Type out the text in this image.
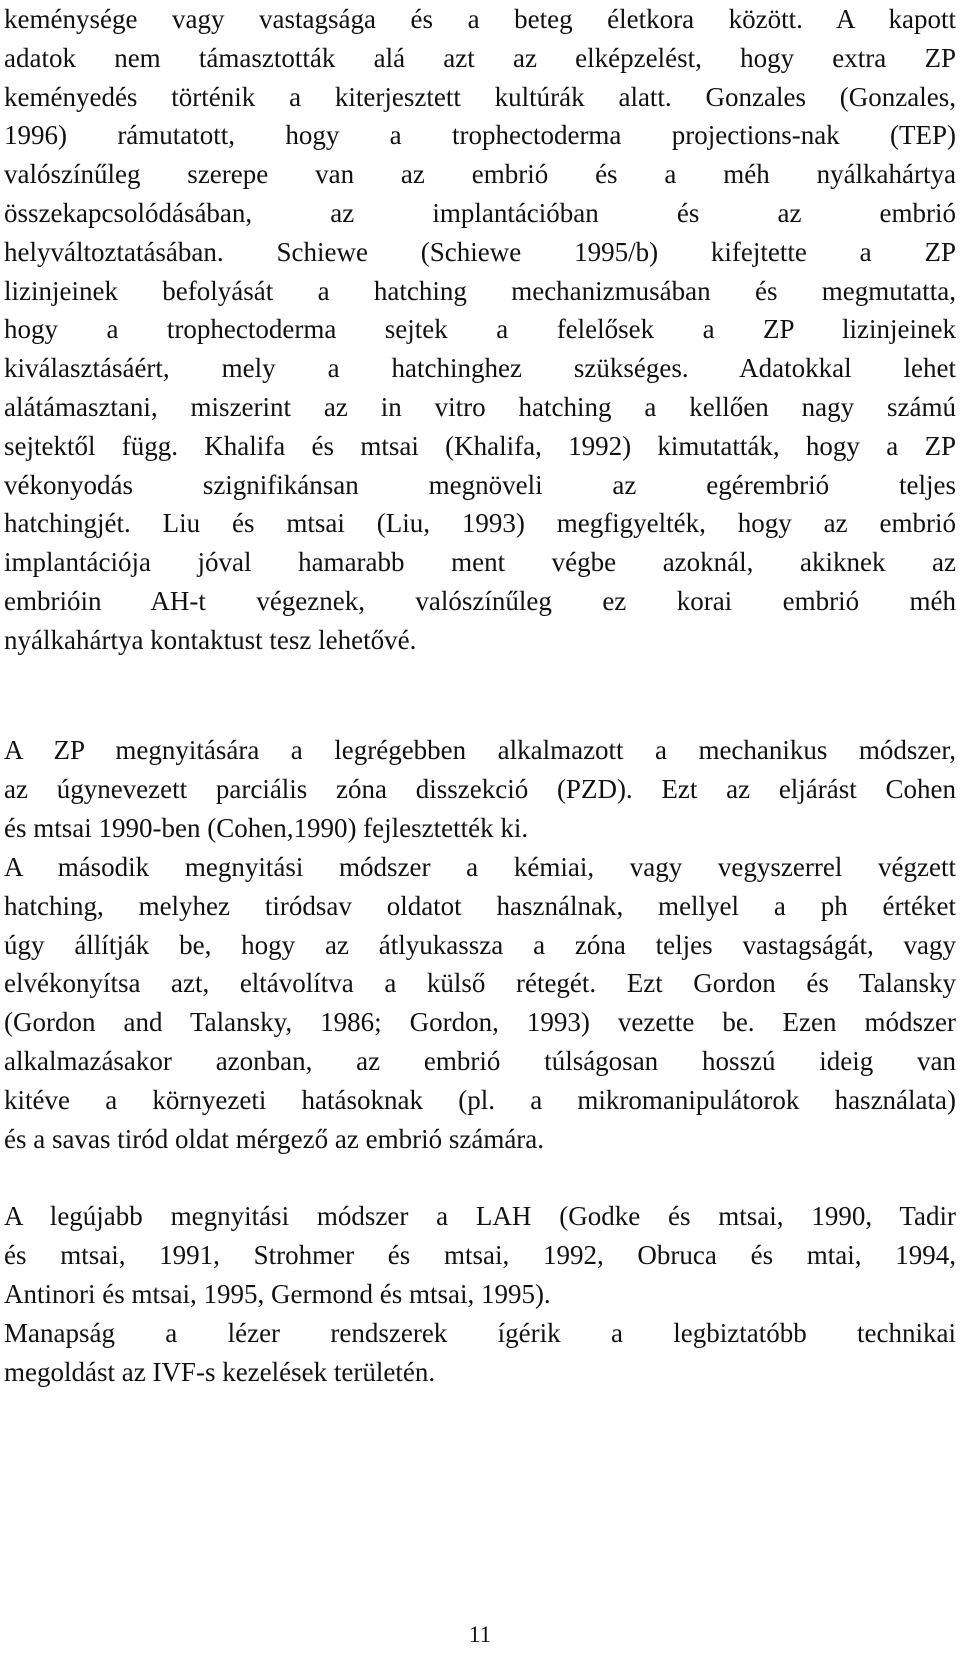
keménysége vagy vastagsága és a beteg életkora között. A kapott
adatok nem támasztották alá azt az elképzelést, hogy extra ZP
keményedés történik a kiterjesztett kultúrák alatt. Gonzales (Gonzales,
1996) rámutatott, hogy a trophectoderma projections-nak (TEP)
valószínűleg szerepe van az embrió és a méh nyálkahártya
összekapcsolódásában, az implantációban és az embrió
helyváltoztatásában. Schiewe (Schiewe 1995/b) kifejtette a ZP
lizinjeinek befolyását a hatching mechanizmusában és megmutatta,
hogy a trophectoderma sejtek a felelősek a ZP lizinjeinek
kiválasztásáért, mely a hatchinghez szükséges. Adatokkal lehet
alátámasztani, miszerint az in vitro hatching a kellően nagy számú
sejtektől függ. Khalifa és mtsai (Khalifa, 1992) kimutatták, hogy a ZP
vékonyodás szignifikánsan megnöveli az egérembrió teljes
hatchingjét. Liu és mtsai (Liu, 1993) megfigyelték, hogy az embrió
implantációja jóval hamarabb ment végbe azoknál, akiknek az
embrióin AH-t végeznek, valószínűleg ez korai embrió méh
nyálkahártya kontaktust tesz lehetővé.
A ZP megnyitására a legrégebben alkalmazott a mechanikus módszer,
az úgynevezett parciális zóna disszekció (PZD). Ezt az eljárást Cohen
és mtsai 1990-ben (Cohen,1990) fejlesztették ki.
A második megnyitási módszer a kémiai, vagy vegyszerrel végzett
hatching, melyhez tiródsav oldatot használnak, mellyel a ph értéket
úgy állítják be, hogy az átlyukassza a zóna teljes vastagságát, vagy
elvékonyítsa azt, eltávolítva a külső rétegét. Ezt Gordon és Talansky
(Gordon and Talansky, 1986; Gordon, 1993) vezette be. Ezen módszer
alkalmazásakor azonban, az embrió túlságosan hosszú ideig van
kitéve a környezeti hatásoknak (pl. a mikromanipulátorok használata)
és a savas tiród oldat mérgező az embrió számára.
A legújabb megnyitási módszer a LAH (Godke és mtsai, 1990, Tadir
és mtsai, 1991, Strohmer és mtsai, 1992, Obruca és mtai, 1994,
Antinori és mtsai, 1995, Germond és mtsai, 1995).
Manapság a lézer rendszerek ígérik a legbiztatóbb technikai
megoldást az IVF-s kezelések területén.
11
